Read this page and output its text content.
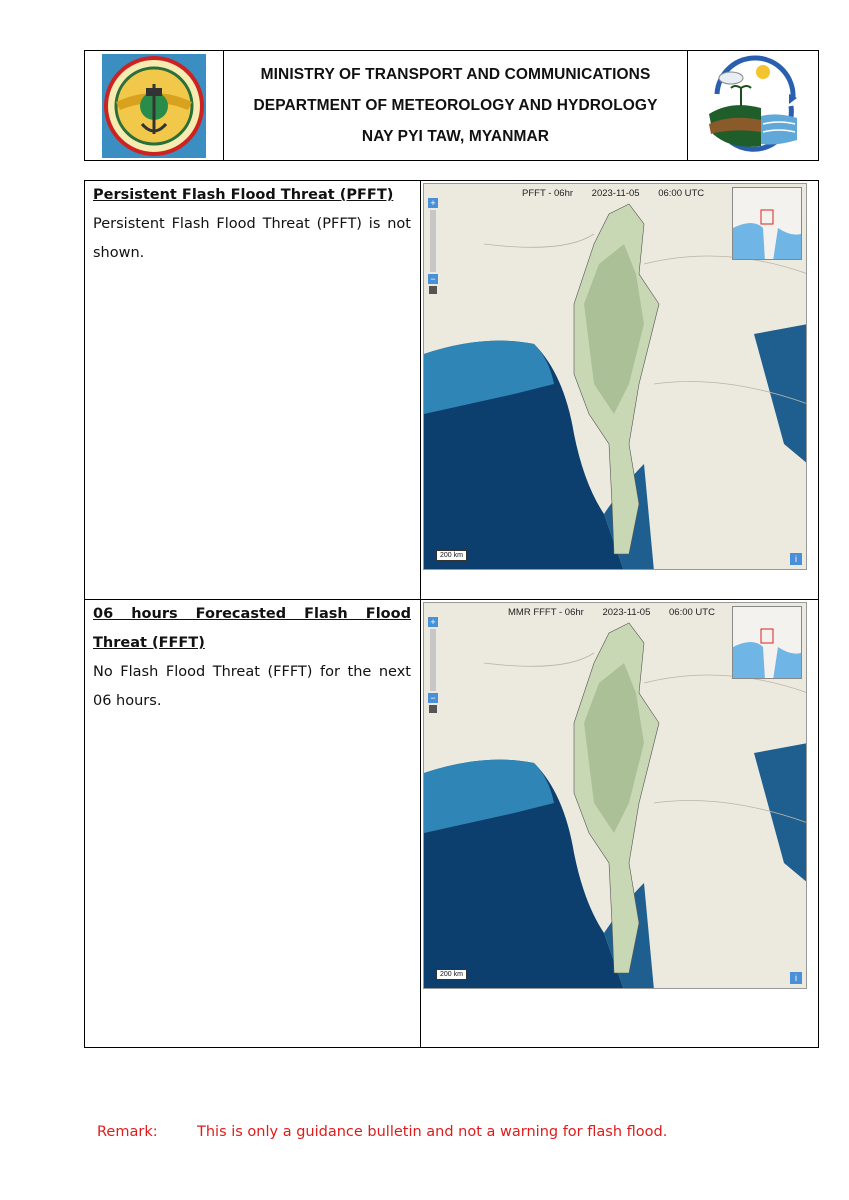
MINISTRY OF TRANSPORT AND COMMUNICATIONS
DEPARTMENT OF METEOROLOGY AND HYDROLOGY
NAY PYI TAW, MYANMAR
Persistent Flash Flood Threat (PFFT)
Persistent Flash Flood Threat (PFFT) is not shown.
PFFT - 06hr 2023-11-05 06:00 UTC
+
−
200 km	i
06 hours Forecasted Flash Flood Threat (FFFT)
No Flash Flood Threat (FFFT) for the next 06 hours.
MMR FFFT - 06hr 2023-11-05 06:00 UTC
+
−
200 km	i
Remark:	This is only a guidance bulletin and not a warning for flash flood.
